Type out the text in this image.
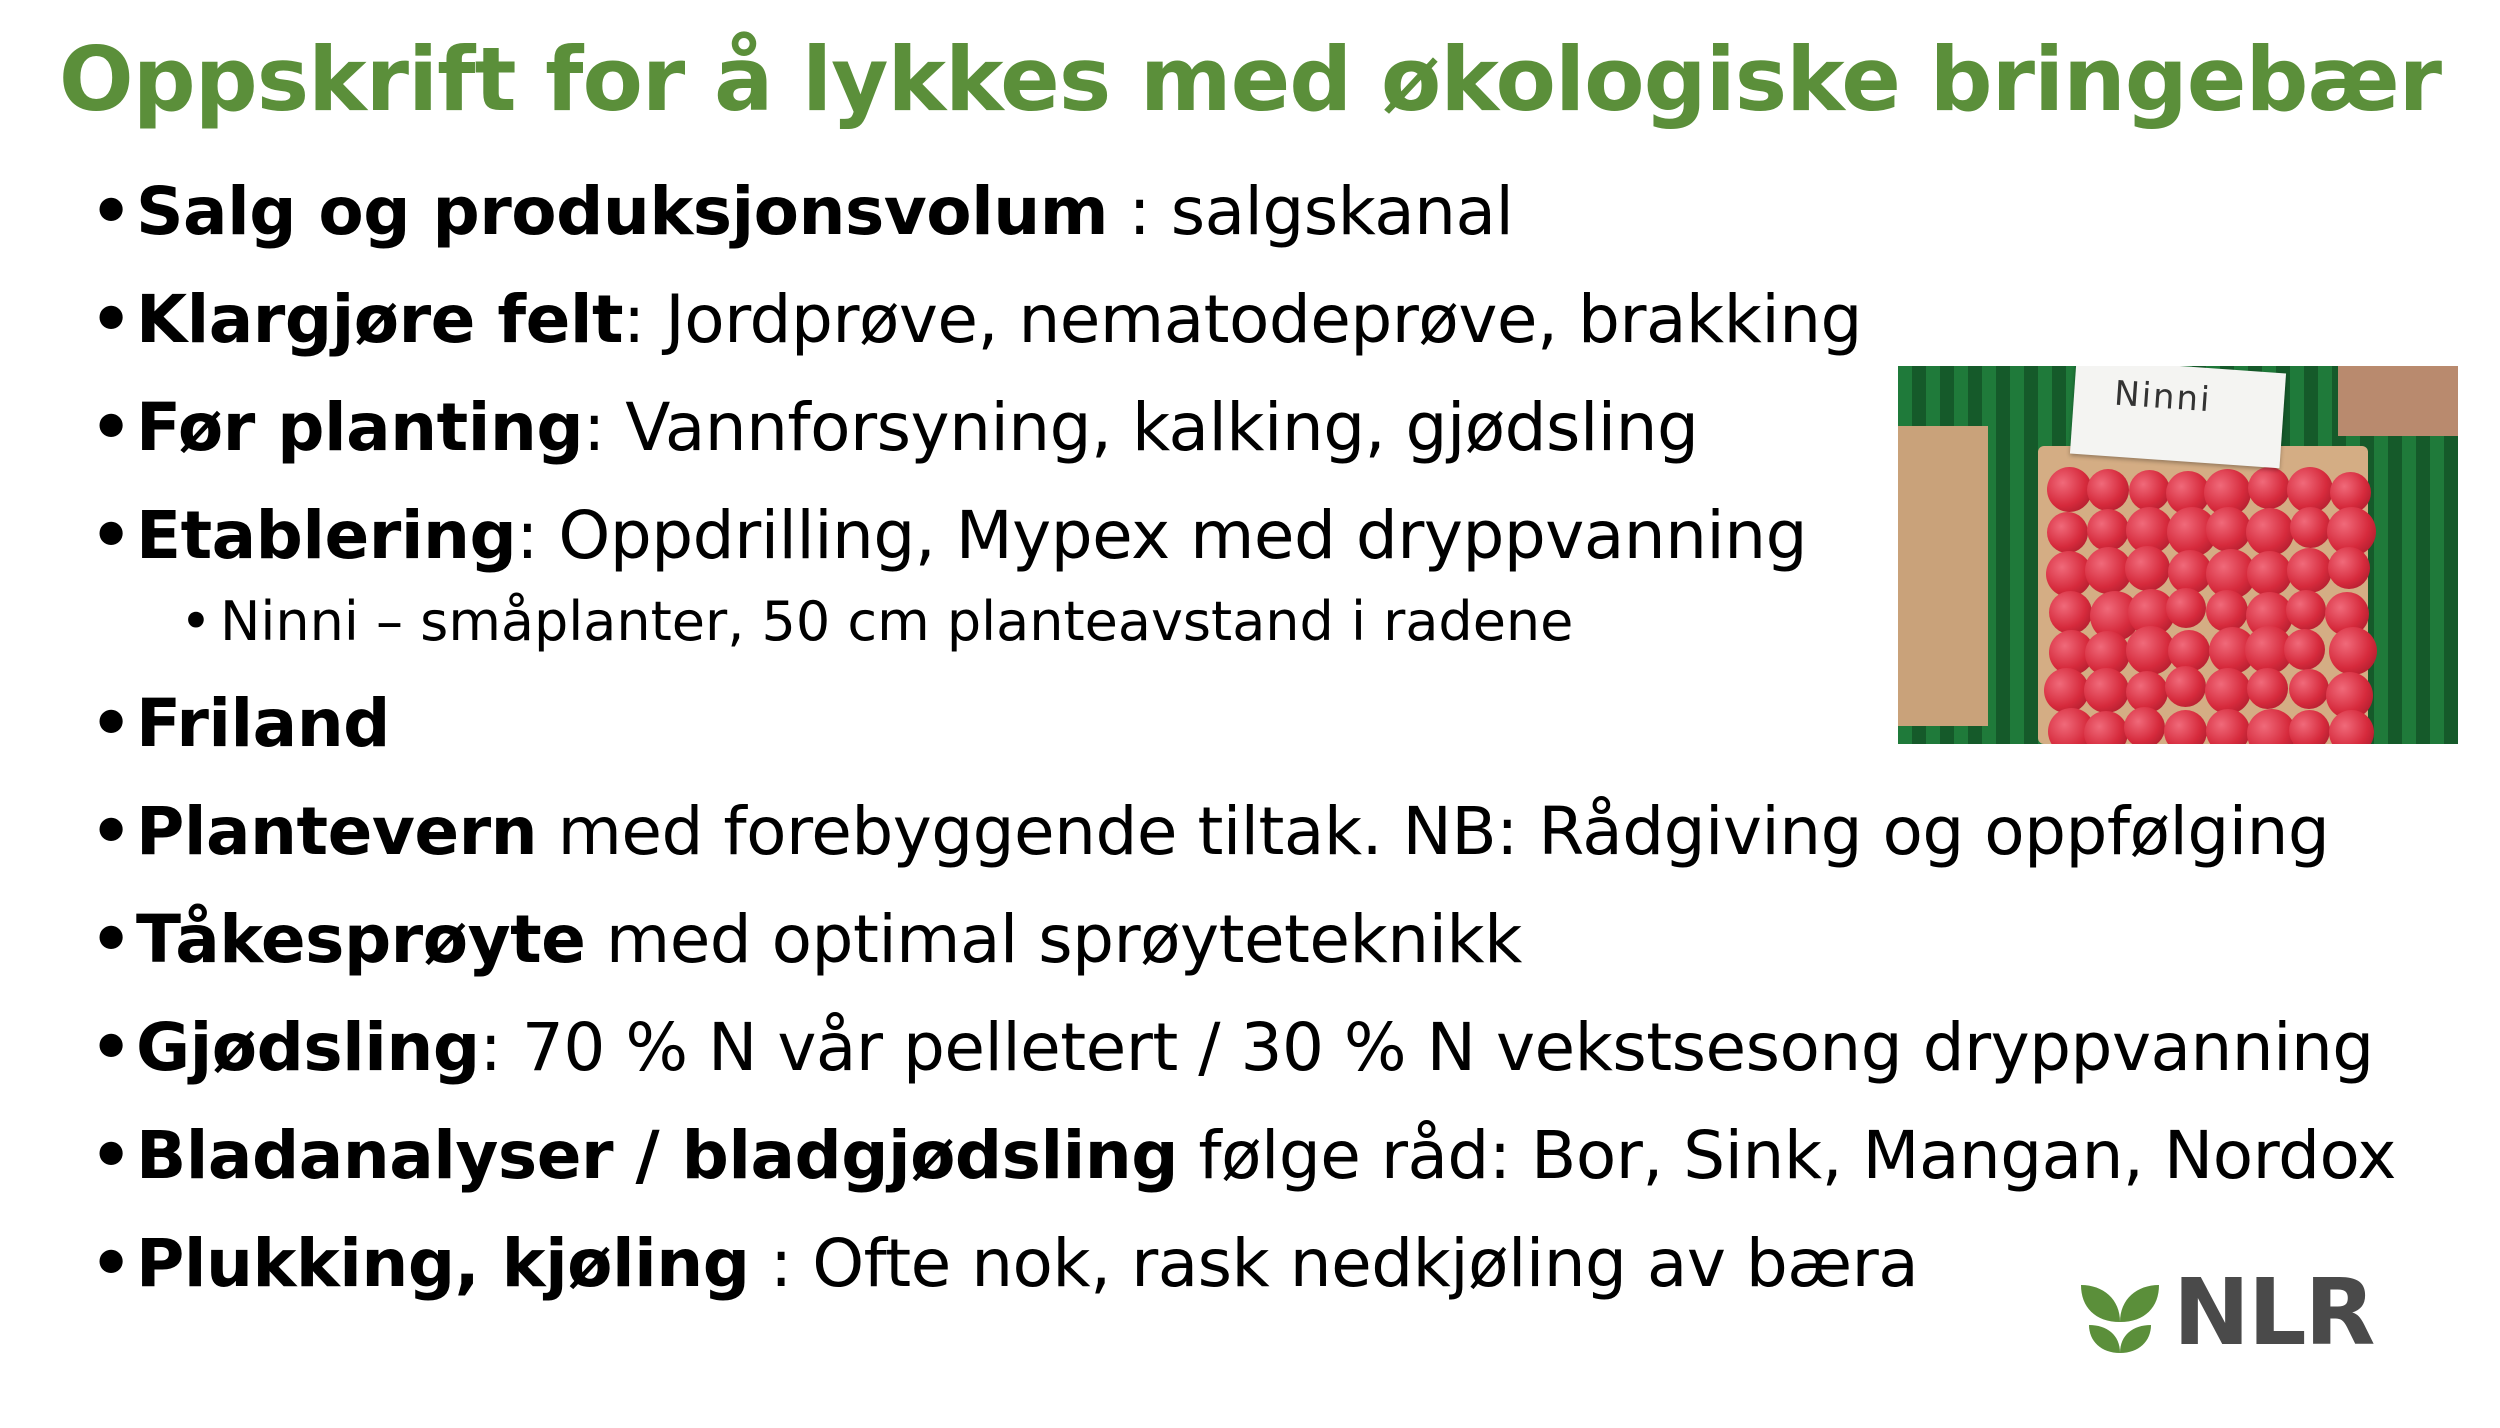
Oppskrift for å lykkes med økologiske bringebær
•Salg og produksjonsvolum : salgskanal
•Klargjøre felt: Jordprøve, nematodeprøve, brakking
•Før planting: Vannforsyning, kalking, gjødsling
•Etablering: Oppdrilling, Mypex med dryppvanning
• Ninni – småplanter, 50 cm planteavstand i radene
•Friland
•Plantevern med forebyggende tiltak. NB: Rådgiving og oppfølging
•Tåkesprøyte med optimal sprøyteteknikk
•Gjødsling: 70 % N vår pelletert / 30 % N vekstsesong dryppvanning
•Bladanalyser / bladgjødsling følge råd: Bor, Sink, Mangan, Nordox
•Plukking, kjøling : Ofte nok, rask nedkjøling av bæra
Ninni
NLR
